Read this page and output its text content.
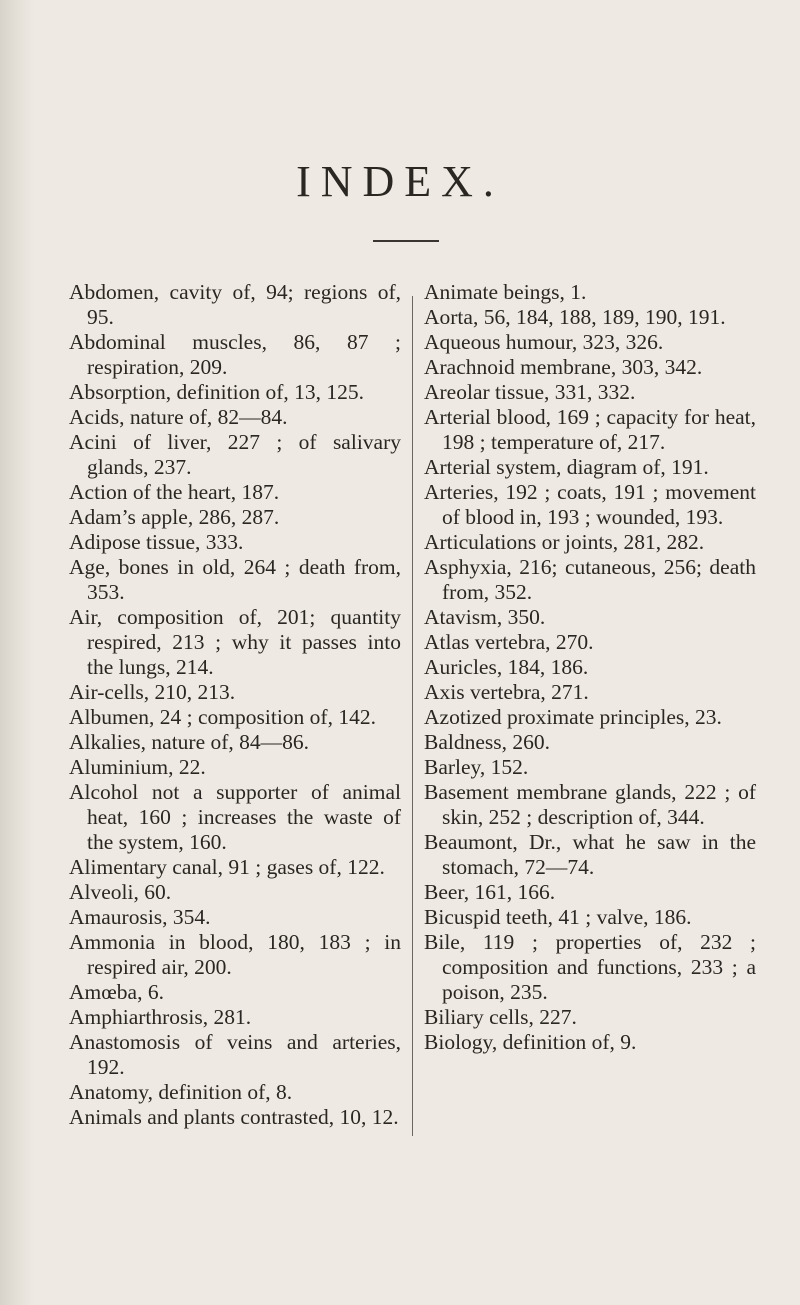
INDEX.

Abdomen, cavity of, 94; regions of, 95.

Abdominal muscles, 86, 87 ; respiration, 209.

Absorption, definition of, 13, 125.

Acids, nature of, 82—84.

Acini of liver, 227 ; of salivary glands, 237.

Action of the heart, 187.

Adam’s apple, 286, 287.

Adipose tissue, 333.

Age, bones in old, 264 ; death from, 353.

Air, composition of, 201; quantity respired, 213 ; why it passes into the lungs, 214.

Air-cells, 210, 213.

Albumen, 24 ; composition of, 142.

Alkalies, nature of, 84—86.

Aluminium, 22.

Alcohol not a supporter of animal heat, 160 ; increases the waste of the system, 160.

Alimentary canal, 91 ; gases of, 122.

Alveoli, 60.

Amaurosis, 354.

Ammonia in blood, 180, 183 ; in respired air, 200.

Amœba, 6.

Amphiarthrosis, 281.

Anastomosis of veins and arteries, 192.

Anatomy, definition of, 8.

Animals and plants contrasted, 10, 12.

Animate beings, 1.

Aorta, 56, 184, 188, 189, 190, 191.

Aqueous humour, 323, 326.

Arachnoid membrane, 303, 342.

Areolar tissue, 331, 332.

Arterial blood, 169 ; capacity for heat, 198 ; temperature of, 217.

Arterial system, diagram of, 191.

Arteries, 192 ; coats, 191 ; movement of blood in, 193 ; wounded, 193.

Articulations or joints, 281, 282.

Asphyxia, 216; cutaneous, 256; death from, 352.

Atavism, 350.

Atlas vertebra, 270.

Auricles, 184, 186.

Axis vertebra, 271.

Azotized proximate principles, 23.

Baldness, 260.

Barley, 152.

Basement membrane glands, 222 ; of skin, 252 ; description of, 344.

Beaumont, Dr., what he saw in the stomach, 72—74.

Beer, 161, 166.

Bicuspid teeth, 41 ; valve, 186.

Bile, 119 ; properties of, 232 ; composition and functions, 233 ; a poison, 235.

Biliary cells, 227.

Biology, definition of, 9.
